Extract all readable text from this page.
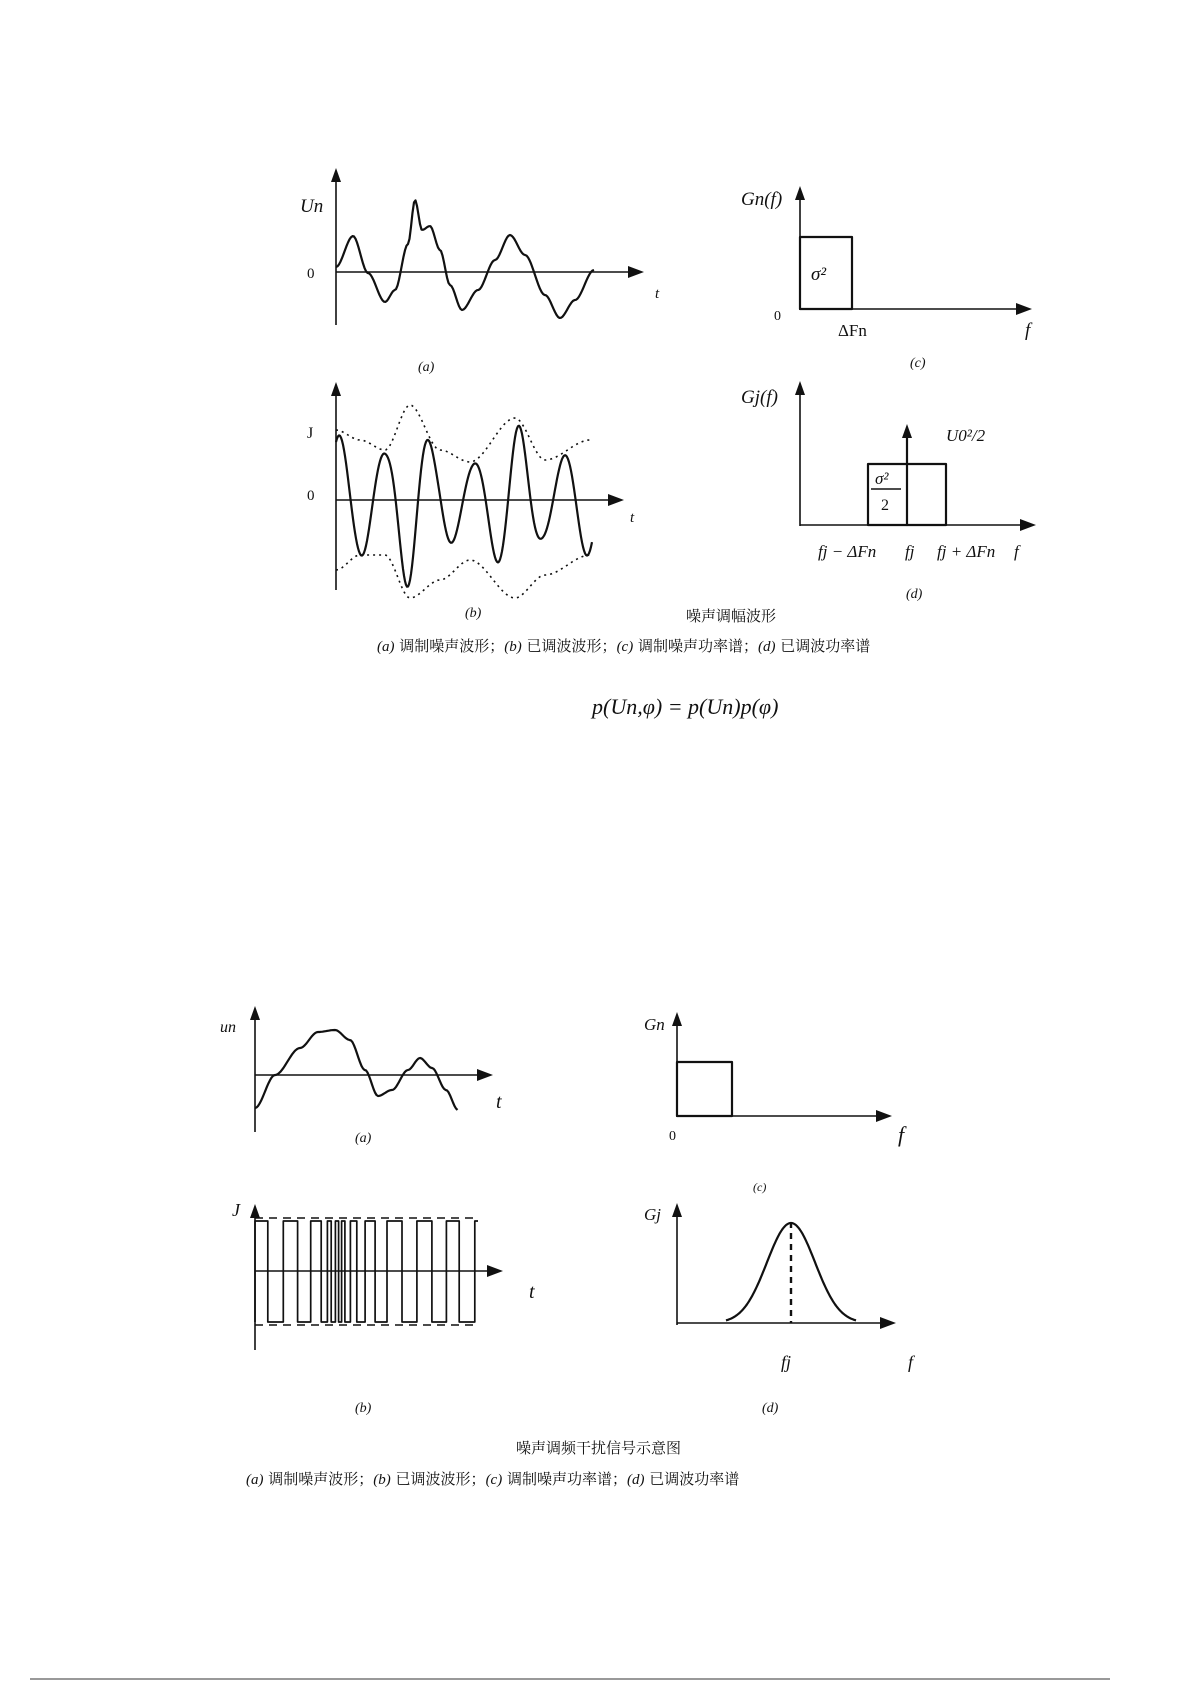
Un
0
t
(a)
Gn(f)
σ²
0
ΔFn	f
(c)
J
0
t
(b)
Gj(f)
U0²/2
σ²
2
fj − ΔFn fj fj + ΔFn f
(d)
噪声调幅波形
(a) 调制噪声波形；(b) 已调波波形；(c) 调制噪声功率谱；(d) 已调波功率谱
p(Un,φ) = p(Un)p(φ)
un
t
(a)
Gn
0	f
(c)
J
t
(b)
Gj
fj	f
(d)
噪声调频干扰信号示意图
(a) 调制噪声波形；(b) 已调波波形；(c) 调制噪声功率谱；(d) 已调波功率谱
